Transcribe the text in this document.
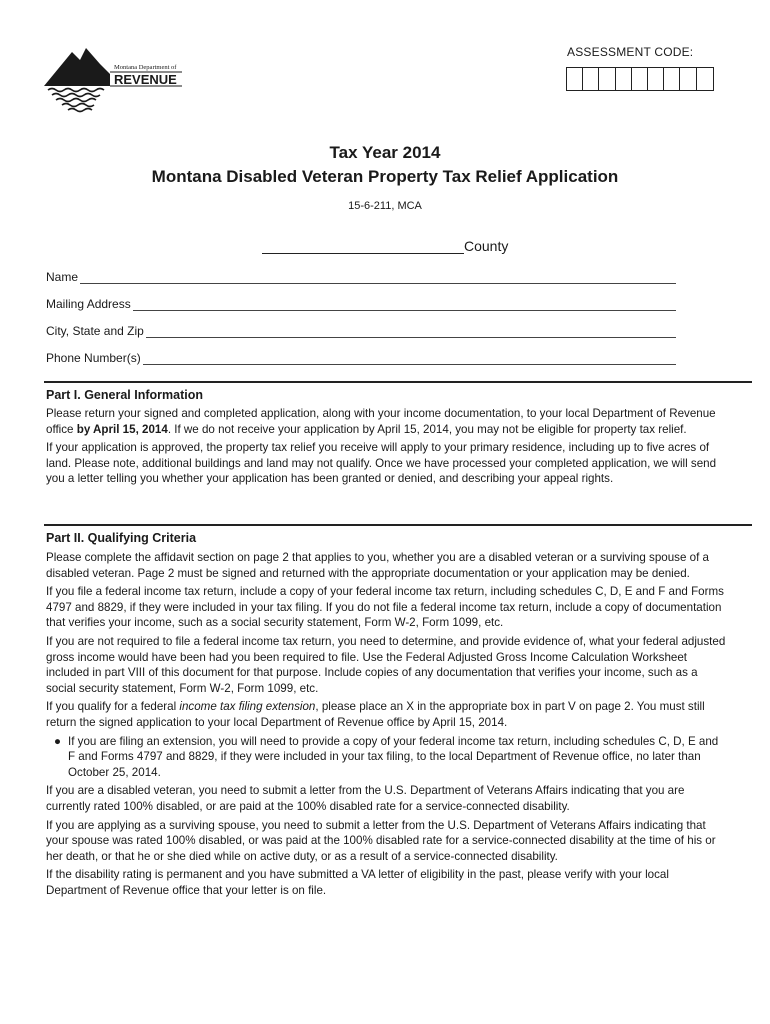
Montana Department of
REVENUE
ASSESSMENT CODE:
Tax Year 2014
Montana Disabled Veteran Property Tax Relief Application
15-6-211, MCA
County
Name
Mailing Address
City, State and Zip
Phone Number(s)
Part I. General Information

Please return your signed and completed application, along with your income documentation, to your local Department of Revenue office by April 15, 2014. If we do not receive your application by April 15, 2014, you may not be eligible for property tax relief.

If your application is approved, the property tax relief you receive will apply to your primary residence, including up to five acres of land. Please note, additional buildings and land may not qualify. Once we have processed your completed application, we will send you a letter telling you whether your application has been granted or denied, and describing your appeal rights.

Part II. Qualifying Criteria

Please complete the affidavit section on page 2 that applies to you, whether you are a disabled veteran or a surviving spouse of a disabled veteran. Page 2 must be signed and returned with the appropriate documentation or your application may be denied.

If you file a federal income tax return, include a copy of your federal income tax return, including schedules C, D, E and F and Forms 4797 and 8829, if they were included in your tax filing. If you do not file a federal income tax return, include a copy of documentation that verifies your income, such as a social security statement, Form W-2, Form 1099, etc.

If you are not required to file a federal income tax return, you need to determine, and provide evidence of, what your federal adjusted gross income would have been had you been required to file. Use the Federal Adjusted Gross Income Calculation Worksheet included in part VIII of this document for that purpose. Include copies of any documentation that verifies your income, such as a social security statement, Form W-2, Form 1099, etc.

If you qualify for a federal income tax filing extension, please place an X in the appropriate box in part V on page 2. You must still return the signed application to your local Department of Revenue office by April 15, 2014.

● If you are filing an extension, you will need to provide a copy of your federal income tax return, including schedules C, D, E and F and Forms 4797 and 8829, if they were included in your tax filing, to the local Department of Revenue office, no later than October 25, 2014.

If you are a disabled veteran, you need to submit a letter from the U.S. Department of Veterans Affairs indicating that you are currently rated 100% disabled, or are paid at the 100% disabled rate for a service-connected disability.

If you are applying as a surviving spouse, you need to submit a letter from the U.S. Department of Veterans Affairs indicating that your spouse was rated 100% disabled, or was paid at the 100% disabled rate for a service-connected disability at the time of his or her death, or that he or she died while on active duty, or as a result of a service-connected disability.

If the disability rating is permanent and you have submitted a VA letter of eligibility in the past, please verify with your local Department of Revenue office that your letter is on file.
